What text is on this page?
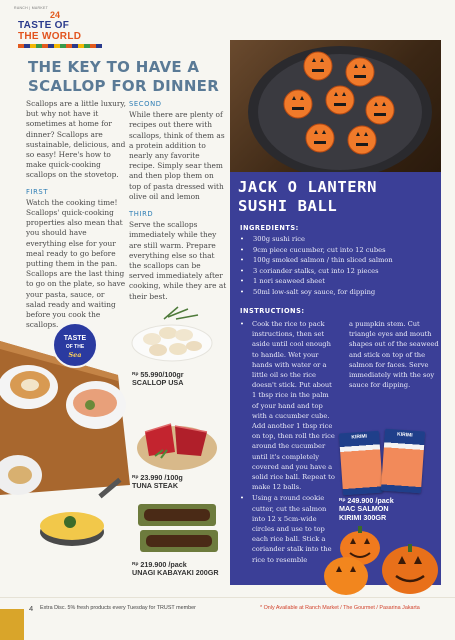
RANCH | MARKET
24
TASTE OF
THE WORLD
THE KEY TO HAVE A SCALLOP FOR DINNER

Scallops are a little luxury, but why not have it sometimes at home for dinner? Scallops are sustainable, delicious, and so easy! Here's how to make quick-cooking scallops on the stovetop.

FIRST

Watch the cooking time! Scallops' quick-cooking properties also mean that you should have everything else for your meal ready to go before putting them in the pan. Scallops are the last thing to go on the plate, so have your pasta, sauce, or salad ready and waiting before you cook the scallops.

SECOND

While there are plenty of recipes out there with scallops, think of them as a protein addition to nearly any favorite recipe. Simply sear them and then plop them on top of pasta dressed with olive oil and lemon

THIRD

Serve the scallops immediately while they are still warm. Prepare everything else so that the scallops can be served immediately after cooking, while they are at their best.

$^{Rp}$ 55.990/100gr
SCALLOP USA
TASTE
OF THE
Sea
$^{Rp}$ 23.990 /100g
TUNA STEAK
$^{Rp}$ 219.900 /pack
UNAGI KABAYAKI 200GR
JACK O LANTERN SUSHI BALL
INGREDIENTS:
• 300g sushi rice
• 9cm piece cucumber, cut into 12 cubes
• 100g smoked salmon / thin sliced salmon
• 3 coriander stalks, cut into 12 pieces
• 1 nori seaweed sheet
• 50ml low-salt soy sauce, for dipping
INSTRUCTIONS:
• Cook the rice to pack instructions, then set aside until cool enough to handle. Wet your hands with water or a little oil so the rice doesn't stick. Put about 1 tbsp rice in the palm of your hand and top with a cucumber cube. Add another 1 tbsp rice on top, then roll the rice around the cucumber until it's completely covered and you have a solid rice ball. Repeat to make 12 balls.
• Using a round cookie cutter, cut the salmon into 12 x 5cm-wide circles and use to top each rice ball. Stick a coriander stalk into the rice to resemble

a pumpkin stem. Cut triangle eyes and mouth shapes out of the seaweed and stick on top of the salmon for faces. Serve immediately with the soy sauce for dipping.

KIRIMI	KIRIMI
$^{Rp}$ 249.900 /pack
MAC SALMON KIRIMI 300GR
4 Extra Disc. 5% fresh products every Tuesday for TRUST member	* Only Available at Ranch Market / The Gourmet / Pasarina Jakarta
